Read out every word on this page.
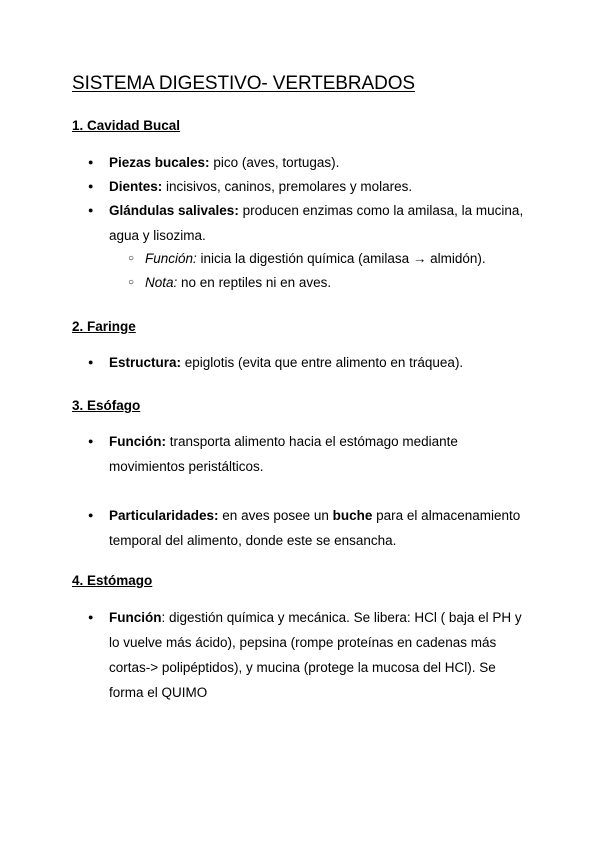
SISTEMA DIGESTIVO- VERTEBRADOS
1. Cavidad Bucal
● Piezas bucales: pico (aves, tortugas).
● Dientes: incisivos, caninos, premolares y molares.
● Glándulas salivales: producen enzimas como la amilasa, la mucina, agua y lisozima.
○ Función: inicia la digestión química (amilasa → almidón).
○ Nota: no en reptiles ni en aves.
2. Faringe
● Estructura: epiglotis (evita que entre alimento en tráquea).
3. Esófago
● Función: transporta alimento hacia el estómago mediante movimientos peristálticos.
● Particularidades: en aves posee un buche para el almacenamiento temporal del alimento, donde este se ensancha.
4. Estómago
● Función: digestión química y mecánica. Se libera: HCl ( baja el PH y lo vuelve más ácido), pepsina (rompe proteínas en cadenas más cortas-> polipéptidos), y mucina (protege la mucosa del HCl). Se forma el QUIMO
